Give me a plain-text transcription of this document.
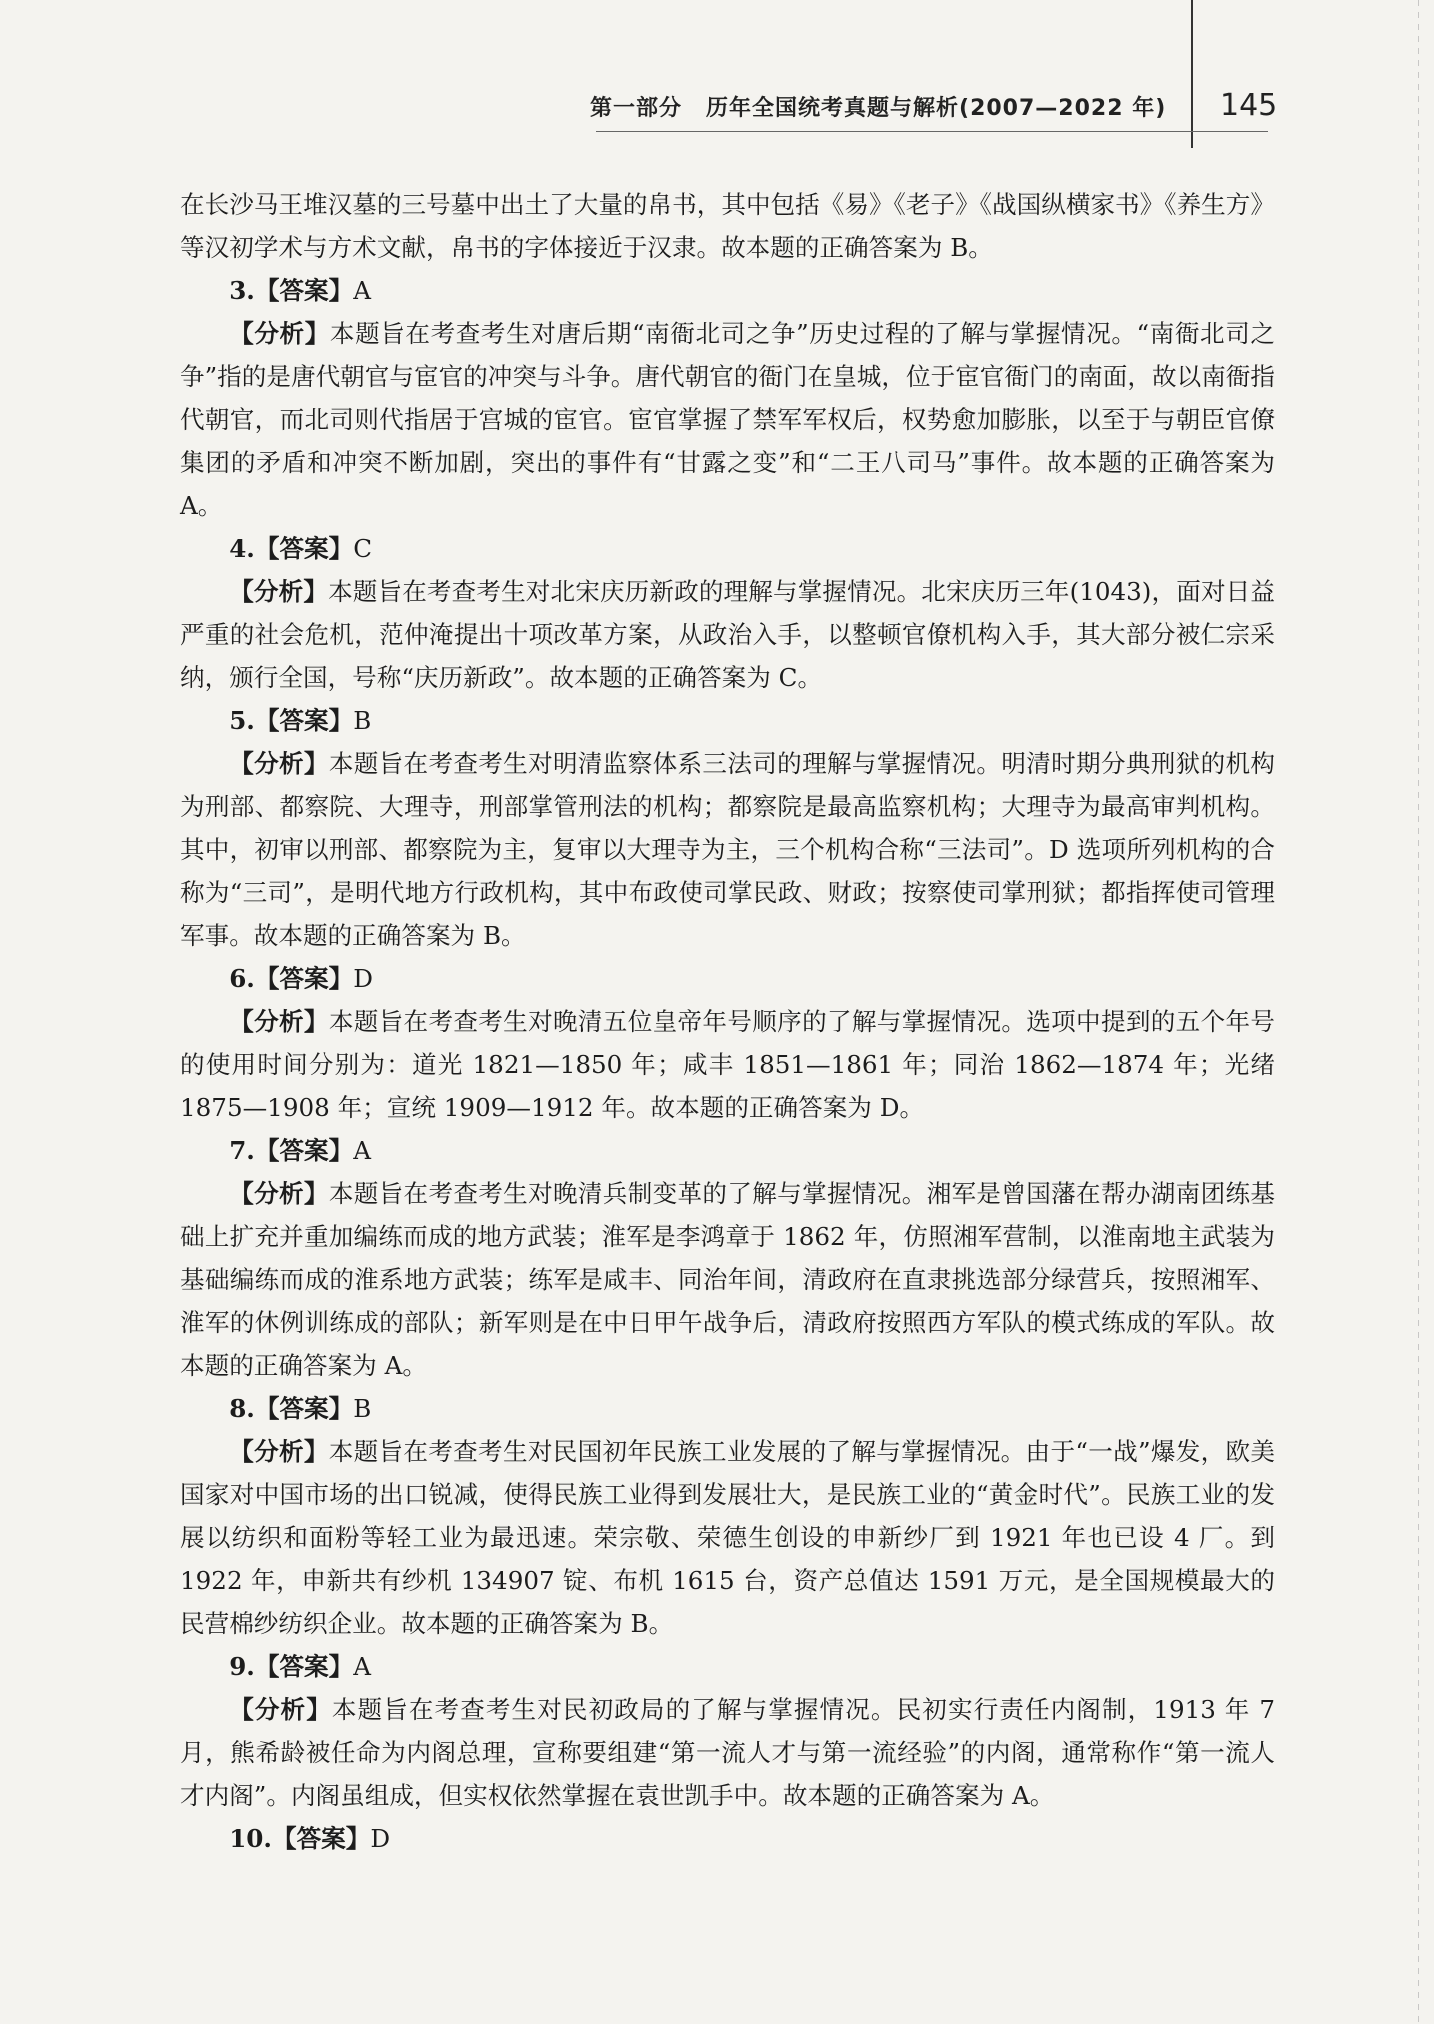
第一部分 历年全国统考真题与解析(2007—2022 年) 145

在长沙马王堆汉墓的三号墓中出土了大量的帛书，其中包括《易》《老子》《战国纵横家书》《养生方》等汉初学术与方术文献，帛书的字体接近于汉隶。故本题的正确答案为 B。

3.【答案】A

【分析】本题旨在考查考生对唐后期“南衙北司之争”历史过程的了解与掌握情况。“南衙北司之争”指的是唐代朝官与宦官的冲突与斗争。唐代朝官的衙门在皇城，位于宦官衙门的南面，故以南衙指代朝官，而北司则代指居于宫城的宦官。宦官掌握了禁军军权后，权势愈加膨胀，以至于与朝臣官僚集团的矛盾和冲突不断加剧，突出的事件有“甘露之变”和“二王八司马”事件。故本题的正确答案为 A。

4.【答案】C

【分析】本题旨在考查考生对北宋庆历新政的理解与掌握情况。北宋庆历三年(1043)，面对日益严重的社会危机，范仲淹提出十项改革方案，从政治入手，以整顿官僚机构入手，其大部分被仁宗采纳，颁行全国，号称“庆历新政”。故本题的正确答案为 C。

5.【答案】B

【分析】本题旨在考查考生对明清监察体系三法司的理解与掌握情况。明清时期分典刑狱的机构为刑部、都察院、大理寺，刑部掌管刑法的机构；都察院是最高监察机构；大理寺为最高审判机构。其中，初审以刑部、都察院为主，复审以大理寺为主，三个机构合称“三法司”。D 选项所列机构的合称为“三司”，是明代地方行政机构，其中布政使司掌民政、财政；按察使司掌刑狱；都指挥使司管理军事。故本题的正确答案为 B。

6.【答案】D

【分析】本题旨在考查考生对晚清五位皇帝年号顺序的了解与掌握情况。选项中提到的五个年号的使用时间分别为：道光 1821—1850 年；咸丰 1851—1861 年；同治 1862—1874 年；光绪 1875—1908 年；宣统 1909—1912 年。故本题的正确答案为 D。

7.【答案】A

【分析】本题旨在考查考生对晚清兵制变革的了解与掌握情况。湘军是曾国藩在帮办湖南团练基础上扩充并重加编练而成的地方武装；淮军是李鸿章于 1862 年，仿照湘军营制，以淮南地主武装为基础编练而成的淮系地方武装；练军是咸丰、同治年间，清政府在直隶挑选部分绿营兵，按照湘军、淮军的休例训练成的部队；新军则是在中日甲午战争后，清政府按照西方军队的模式练成的军队。故本题的正确答案为 A。

8.【答案】B

【分析】本题旨在考查考生对民国初年民族工业发展的了解与掌握情况。由于“一战”爆发，欧美国家对中国市场的出口锐减，使得民族工业得到发展壮大，是民族工业的“黄金时代”。民族工业的发展以纺织和面粉等轻工业为最迅速。荣宗敬、荣德生创设的申新纱厂到 1921 年也已设 4 厂。到 1922 年，申新共有纱机 134907 锭、布机 1615 台，资产总值达 1591 万元，是全国规模最大的民营棉纱纺织企业。故本题的正确答案为 B。

9.【答案】A

【分析】本题旨在考查考生对民初政局的了解与掌握情况。民初实行责任内阁制，1913 年 7 月，熊希龄被任命为内阁总理，宣称要组建“第一流人才与第一流经验”的内阁，通常称作“第一流人才内阁”。内阁虽组成，但实权依然掌握在袁世凯手中。故本题的正确答案为 A。

10.【答案】D
